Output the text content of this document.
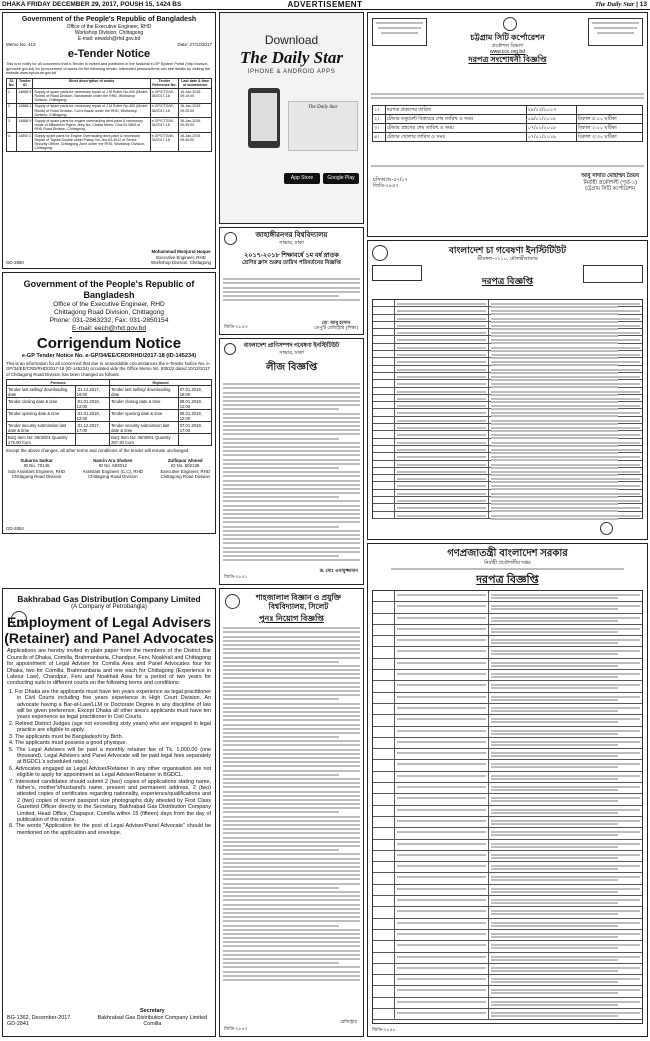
DHAKA FRIDAY DECEMBER 29, 2017, POUSH 15, 1424 BS	ADVERTISEMENT	The Daily Star | 13
Government of the People's Republic of Bangladesh
Office of the Executive Engineer, RHD
Workshop Division, Chittagong
E-mail: eewdch@rhd.gov.bd
Memo No. 413	Date: 27/12/2017
e-Tender Notice
This is to notify for all concerned that e-Tender is invited and published in the National e-GP System Portal (http://www.e-gprocure.gov.bd) for procurement of works for the following tender. Interested persons/firms can see details by visiting the website www.eprocure.gov.bd
Sl. No.	Tender ID	Short description of works	Tender Reference No.	Last date & time of submission
1	14888 5	Supply of spare parts for necessary repair of J M Roller No-400 (Model: Romb) of Road Division, Bandarban under the RHD, Workshop Division, Chittagong.	e-GP/CTG/W-35/2017-18	16-Jan-2018 09:10:00
2	14888 2	Supply of spare parts for necessary repair of J M Roller No-400 (Model: Romb) of Road Division, Cox's Bazar under the RHD, Workshop Division, Chittagong.	e-GP/CTG/W-36/2017-18	16-Jan-2018 09:20:00
3	14888 9	Supply of spare parts for engine overhauling dent-paint & necessary repair of Mitsubishi Pajero Jeep No. Chatta Metro: Gha-02-0853 of RHD Road Division, Chittagong.	e-GP/CTG/W-34/2017-18	16-Jan-2018 09:30:00
4	14892 2	Supply spare parts for Engine Overhauling dent-paint & necessary Repair of Toyota Double cabin Pickup No-Jeo-63-4012 of Senior Security Officer, Chittagong Zone under the RHD, Workshop Division, Chittagong.	e-GP/CTG/W-33/2017-18	16-Jan-2018 09:40:00
Mohammad Monjurul Hoque
Executive Engineer, RHD
Workshop Division, Chittagong
GD-2860
Download
The Daily Star
IPHONE & ANDROID APPS
The Daily Star
App Store	Google Play
চট্টগ্রাম সিটি কর্পোরেশন
প্রকৌশল বিভাগ
www.ccc.org.bd
দরপত্র সংশোধনী বিজ্ঞপ্তি
১।	দরপত্র প্রকাশের তারিখ	২৮/১২/২০১৭	
২।	টেন্ডার ডকুমেন্ট বিক্রয়ের শেষ তারিখ ও সময়	০৯/০১/২০১৮	বিকাল ৫:০০ ঘটিকা
৩।	টেন্ডার গ্রহণের শেষ তারিখ ও সময়	০৭/০১/২০১৮	বিকাল ২:০০ ঘটিকা
৪।	টেন্ডার খোলার তারিখ ও সময়	০৭/০১/২০১৮	বিকাল ৩:৩০ ঘটিকা
আবু সাদাত মোহাম্মদ তৈয়ব
নির্বাহী প্রকৌশলী (পূর্ত-১)
চট্টগ্রাম সিটি কর্পোরেশন
চসিক/প্রঃ-৫৭/১৭
জিডি-২৮৫৭
জাহাঙ্গীরনগর বিশ্ববিদ্যালয়
সাভার, ঢাকা
২০১৭-২০১৮ শিক্ষাবর্ষে ১ম বর্ষ স্নাতক
শ্রেণির ক্লাস শুরুর তারিখ পরিবর্তনের বিজ্ঞপ্তি
মো: আবু হাসান
ডেপুটি রেজিস্ট্রার (শিক্ষা)
জিডি-২৮৫৩
বাংলাদেশ চা গবেষণা ইনস্টিটিউট
শ্রীমঙ্গল-৩২১০, মৌলভীবাজার
দরপত্র বিজ্ঞপ্তি
Government of the People's Republic of Bangladesh
Office of the Executive Engineer, RHD
Chittagong Road Division, Chittagong
Phone: 031-2863232, Fax: 031-2850154
E-mail: eech@rhd.gov.bd
Corrigendum Notice
e-GP Tender Notice No. e-GP/34/EE/CRD/RHD/2017-18 (ID-145234)
This is an information for all concerned that due to unavoidable circumstances the e-Tender Notice No. e-GP/34/EE/CRD/RHD/2017-18 (ID-145234) circulated vide the Office Memo No. 9352/2 dated 10/12/2017 of Chittagong Road Division has been changed as follows:
Previous		Replaced	
Tender last selling/ downloading date	:31.12.2017, 16:00	Tender last selling/ downloading date	07.01.2018, 16:00
Tender closing date & time	:01.01.2018, 12:00	Tender closing date & time	08.01.2018, 12:00
Tender opening date & time	:01.01.2018, 12:00	Tender opening date & time	08.01.2018, 12:00
Tender security submission last date & time	:31.12.2017, 17:00	Tender security submission last date & time	07.01.2018, 17:00
BoQ Item No: 06/30/01 Quantity 275.00 Cum		BoQ Item No: 06/30/01 Quantity 287.30 Cum	
Except the above changes, all other terms and conditions of the tender will remain unchanged.
Subarna Sarkar
ID No. 70146
Sub Assistant Engineer, RHD
Chittagong Road Division
Nasrin Ara Shahen
ID No. 603012
Assistant Engineer (C.C), RHD
Chittagong Road Division
Zulfiquar Ahmed
ID No. 602136
Executive Engineer, RHD
Chittagong Road Division
GD-2854
বাংলাদেশ প্রাণিসম্পদ গবেষণা ইনস্টিটিউট
সাভার, ঢাকা
লীজ বিজ্ঞপ্তি
ড. মোঃ এনামুজ্জামান
জিডি-২৮৫১
গণপ্রজাতন্ত্রী বাংলাদেশ সরকার
নির্বাহী প্রকৌশলীর দপ্তর
দরপত্র বিজ্ঞপ্তি
জিডি-২৮৫৮
Bakhrabad Gas Distribution Company Limited
(A Company of Petrobangla)
Employment of Legal Advisers
(Retainer) and Panel Advocates
Applications are hereby invited in plain paper from the members of the District Bar Councils of Dhaka, Comilla, Brahmanbaria, Chandpur, Feni, Noakhali and Chittagong for appointment of Legal Adviser for Comilla Area and Panel Advocates four for Dhaka, two for Comilla, Brahmanbaria and one each for Chittagong (Experience in Labour Law), Chandpur, Feni and Noakhali Area for a period of two years for conducting suits in different courts on the following terms and conditions:
1. For Dhaka are the applicants must have ten years experience as legal practitioner in Civil Courts including five years experience in High Court Division. An advocate having a Bar-at-Law/LLM or Doctorate Degree in any discipline of law will be given preference. Except Dhaka all other area's applicants must have ten years experience as legal practitioner in Civil Courts.
2. Retired District Judges (age not exceeding sixty years) who are engaged in legal practice are eligible to apply.
3. The applicants must be Bangladeshi by Birth.
4. The applicants must possess a good physique.
5. The Legal Advisers will be paid a monthly retainer fee of Tk. 1,000.00 (one thousand). Legal Advisers and Panel Advocate will be paid legal fees separately at BGDCL's scheduled rate(s).
6. Advocates engaged as Legal Adviser/Retainer in any other organisation are not eligible to apply for appointment as Legal Adviser/Retainer in BGDCL.
7. Interested candidates should submit 2 (two) copies of applications stating name, father's, mother's/husband's name, present and permanent address, 2 (two) attested copies of certificates regarding nationality, experience/qualifications and 2 (two) copies of recent passport size photographs duly attested by First Class Gazetted Officer directly to the Secretary, Bakhrabad Gas Distribution Company Limited, Head Office, Chapapur, Comilla within 15 (fifteen) days from the day of publication of this notice.
8. The words "Application for the post of Legal Adviser/Panel Advocate" should be mentioned on the application and envelope.
Secretary
Bakhrabad Gas Distribution Company Limited
Comilla
BG-1362, December-2017
GD-2841
শাহজালাল বিজ্ঞান ও প্রযুক্তি
বিশ্ববিদ্যালয়, সিলেট
পুনঃ নিয়োগ বিজ্ঞপ্তি
রেজিস্ট্রার
জিডি-২৮৫০
